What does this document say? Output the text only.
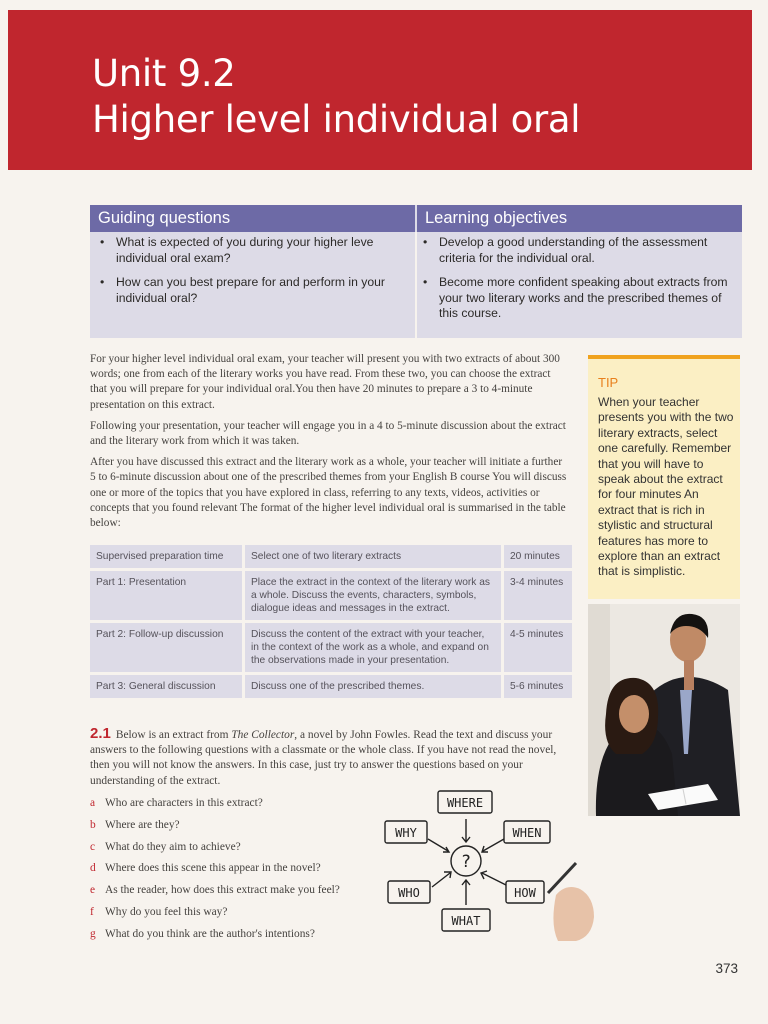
Unit 9.2
Higher level individual oral
Guiding questions	Learning objectives
• What is expected of you during your higher leve individual oral exam?
• How can you best prepare for and perform in your individual oral?
• Develop a good understanding of the assessment criteria for the individual oral.
• Become more confident speaking about extracts from your two literary works and the prescribed themes of this course.

For your higher level individual oral exam, your teacher will present you with two extracts of about 300 words; one from each of the literary works you have read. From these two, you can choose the extract that you will prepare for your individual oral.You then have 20 minutes to prepare a 3 to 4-minute presentation on this extract.

Following your presentation, your teacher will engage you in a 4 to 5-minute discussion about the extract and the literary work from which it was taken.

After you have discussed this extract and the literary work as a whole, your teacher will initiate a further 5 to 6-minute discussion about one of the prescribed themes from your English B course You will discuss one or more of the topics that you have explored in class, referring to any texts, videos, activities or concepts that you found relevant The format of the higher level individual oral is summarised in the table below:

TIP
When your teacher presents you with the two literary extracts, select one carefully. Remember that you will have to speak about the extract for four minutes An extract that is rich in stylistic and structural features has more to explore than an extract that is simplistic.
Supervised preparation time	Select one of two literary extracts	20 minutes
Part 1: Presentation	Place the extract in the context of the literary work as a whole. Discuss the events, characters, symbols, dialogue ideas and messages in the extract.	3-4 minutes
Part 2: Follow-up discussion	Discuss the content of the extract with your teacher, in the context of the work as a whole, and expand on the observations made in your presentation.	4-5 minutes
Part 3: General discussion	Discuss one of the prescribed themes.	5-6 minutes
2.1 Below is an extract from The Collector, a novel by John Fowles. Read the text and discuss your answers to the following questions with a classmate or the whole class. If you have not read the novel, then you will not know the answers. In this case, just try to answer the questions based on your understanding of the extract.
a Who are characters in this extract?
b Where are they?
c What do they aim to achieve?
d Where does this scene this appear in the novel?
e As the reader, how does this extract make you feel?
f Why do you feel this way?
g What do you think are the author's intentions?
WHERE
WHY	WHEN
WHO	HOW
WHAT
?
373
